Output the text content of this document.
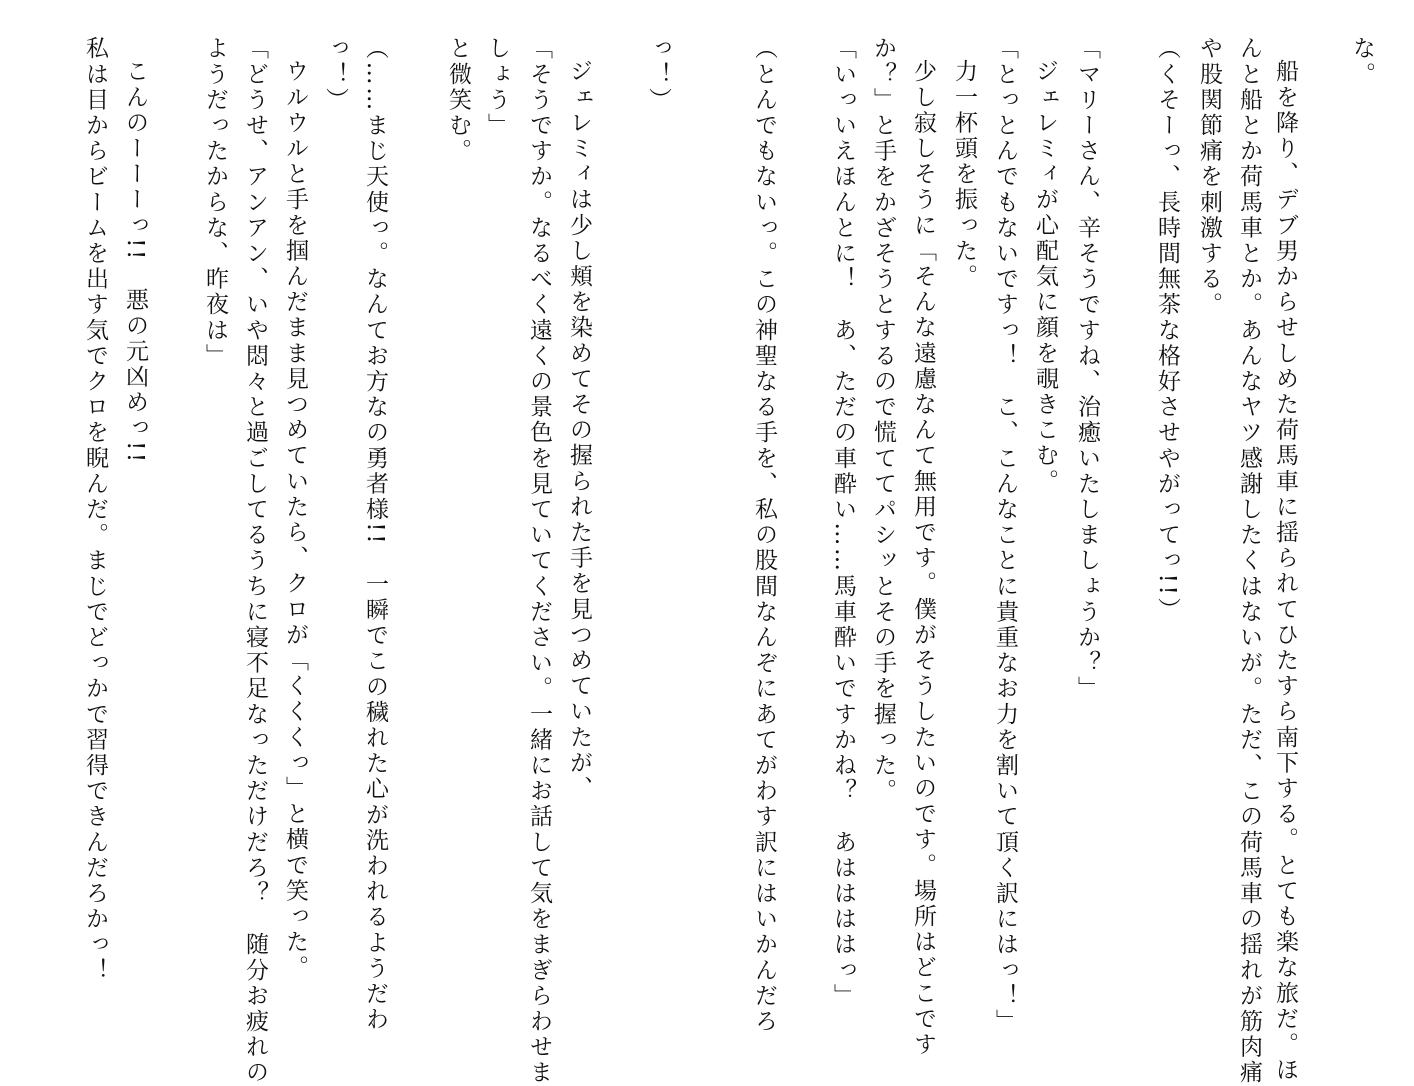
な。
船を降り、デブ男からせしめた荷馬車に揺られてひたすら南下する。とても楽な旅だ。ほ
んと船とか荷馬車とか。あんなヤツ感謝したくはないが。ただ、この荷馬車の揺れが筋肉痛
や股関節痛を刺激する。
（くそーっ、長時間無茶な格好させやがってっ!!）
「マリーさん、辛そうですね、治癒いたしましょうか？」
ジェレミィが心配気に顔を覗きこむ。
「とっとんでもないですっ！　こ、こんなことに貴重なお力を割いて頂く訳にはっ！」
力一杯頭を振った。
少し寂しそうに「そんな遠慮なんて無用です。僕がそうしたいのです。場所はどこです
か？」と手をかざそうとするので慌ててパシッとその手を握った。
「いっいえほんとに！　あ、ただの車酔い……馬車酔いですかね？　あははははっ」
（とんでもないっ。この神聖なる手を、私の股間なんぞにあてがわす訳にはいかんだろ
っ！）
ジェレミィは少し頬を染めてその握られた手を見つめていたが、
「そうですか。なるべく遠くの景色を見ていてください。一緒にお話して気をまぎらわせま
しょう」
と微笑む。
（……まじ天使っ。なんてお方なの勇者様!!　一瞬でこの穢れた心が洗われるようだわ
っ！）
ウルウルと手を掴んだまま見つめていたら、クロが「くくくっ」と横で笑った。
「どうせ、アンアン、いや悶々と過ごしてるうちに寝不足なっただけだろ？　随分お疲れの
ようだったからな、昨夜は」
こんのーーーっ!!　悪の元凶めっ!!
私は目からビームを出す気でクロを睨んだ。まじでどっかで習得できんだろかっ！
